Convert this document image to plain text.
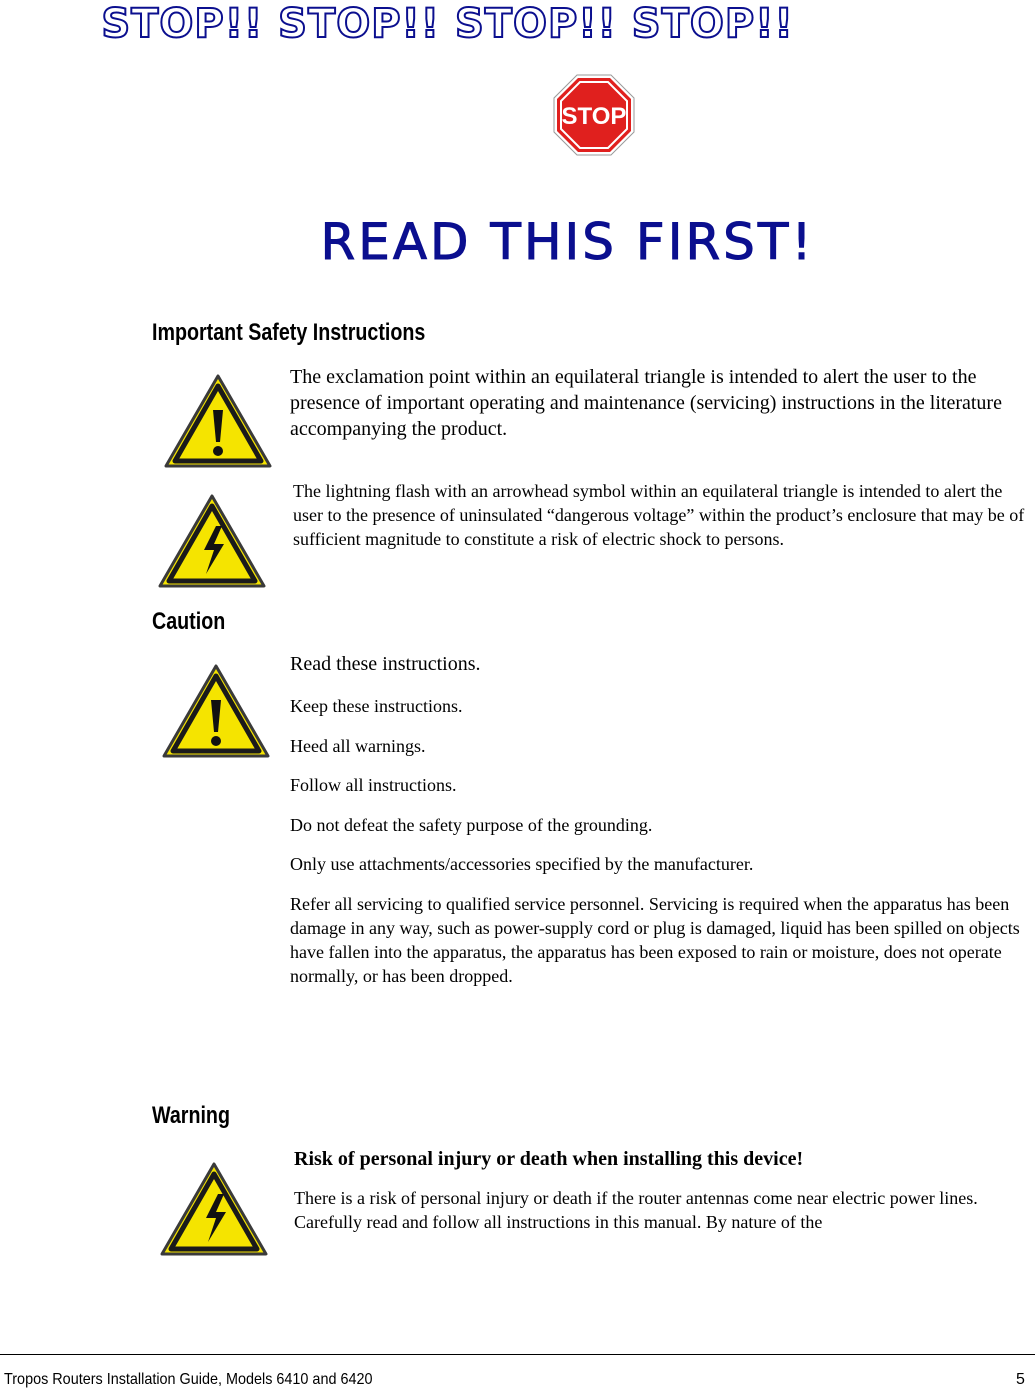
STOP!! STOP!! STOP!! STOP!!
STOP
READ THIS FIRST!
Important Safety Instructions
The exclamation point within an equilateral triangle is intended to alert the user to the presence of important operating and maintenance (servicing) instructions in the literature accompanying the product.
The lightning flash with an arrowhead symbol within an equilateral triangle is intended to alert the user to the presence of uninsulated “dangerous voltage” within the product’s enclosure that may be of sufficient magnitude to constitute a risk of electric shock to persons.
Caution
Read these instructions.
Keep these instructions.
Heed all warnings.
Follow all instructions.
Do not defeat the safety purpose of the grounding.
Only use attachments/accessories specified by the manufacturer.
Refer all servicing to qualified service personnel. Servicing is required when the apparatus has been damage in any way, such as power-supply cord or plug is damaged, liquid has been spilled on objects have fallen into the apparatus, the apparatus has been exposed to rain or moisture, does not operate normally, or has been dropped.
Warning
Risk of personal injury or death when installing this device!
There is a risk of personal injury or death if the router antennas come near electric power lines. Carefully read and follow all instructions in this manual. By nature of the
Tropos Routers Installation Guide, Models 6410 and 6420	5
